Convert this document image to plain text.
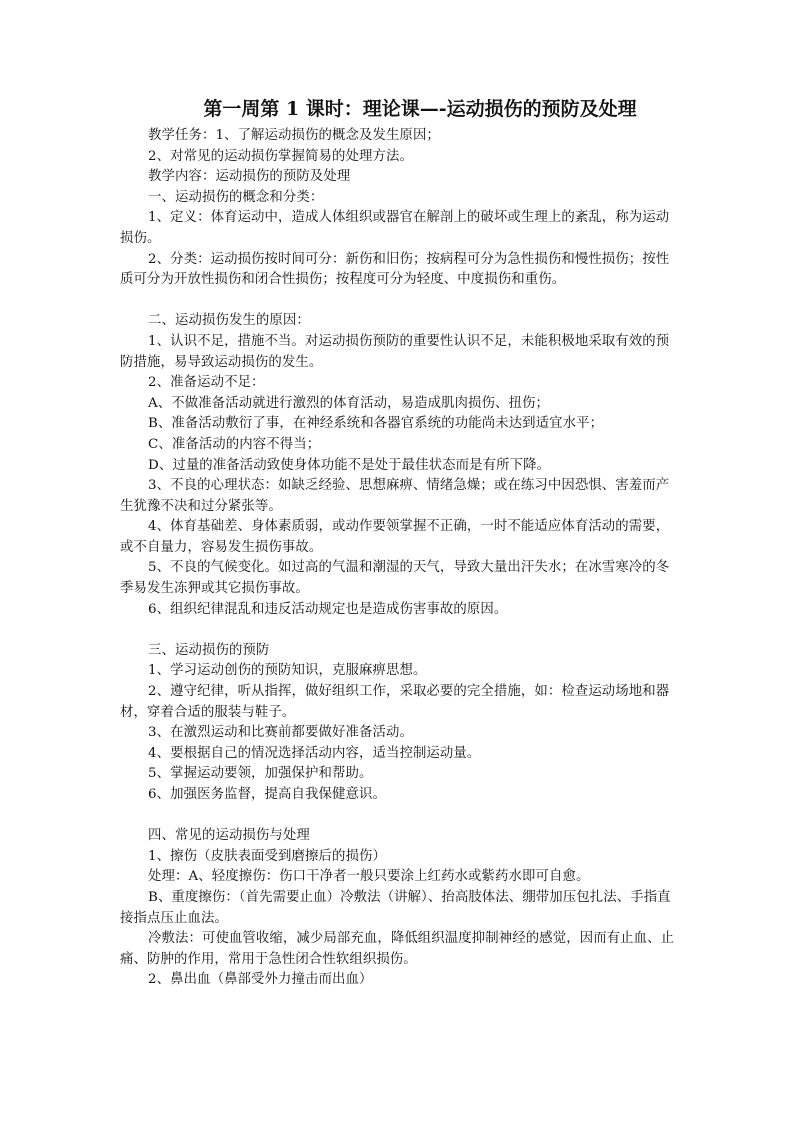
第一周第 1 课时：理论课—-运动损伤的预防及处理

教学任务：1、了解运动损伤的概念及发生原因；

2、对常见的运动损伤掌握简易的处理方法。

教学内容：运动损伤的预防及处理

一、运动损伤的概念和分类：

1、定义：体育运动中，造成人体组织或器官在解剖上的破坏或生理上的紊乱，称为运动损伤。

2、分类：运动损伤按时间可分：新伤和旧伤；按病程可分为急性损伤和慢性损伤；按性质可分为开放性损伤和闭合性损伤；按程度可分为轻度、中度损伤和重伤。

二、运动损伤发生的原因：

1、认识不足，措施不当。对运动损伤预防的重要性认识不足，未能积极地采取有效的预防措施，易导致运动损伤的发生。

2、准备运动不足：

A、不做准备活动就进行激烈的体育活动，易造成肌肉损伤、扭伤；

B、准备活动敷衍了事，在神经系统和各器官系统的功能尚未达到适宜水平；

C、准备活动的内容不得当；

D、过量的准备活动致使身体功能不是处于最佳状态而是有所下降。

3、不良的心理状态：如缺乏经验、思想麻痹、情绪急燥；或在练习中因恐惧、害羞而产生犹豫不决和过分紧张等。

4、体育基础差、身体素质弱，或动作要领掌握不正确，一时不能适应体育活动的需要，或不自量力，容易发生损伤事故。

5、不良的气候变化。如过高的气温和潮湿的天气，导致大量出汗失水；在冰雪寒冷的冬季易发生冻狎或其它损伤事故。

6、组织纪律混乱和违反活动规定也是造成伤害事故的原因。

三、运动损伤的预防

1、学习运动创伤的预防知识，克服麻痹思想。

2、遵守纪律，听从指挥，做好组织工作，采取必要的完全措施，如：检查运动场地和器材，穿着合适的服装与鞋子。

3、在激烈运动和比赛前都要做好准备活动。

4、要根据自己的情况选择活动内容，适当控制运动量。

5、掌握运动要领，加强保护和帮助。

6、加强医务监督，提高自我保健意识。

四、常见的运动损伤与处理

1、擦伤（皮肤表面受到磨擦后的损伤）

处理：A、轻度擦伤：伤口干净者一般只要涂上红药水或紫药水即可自愈。

B、重度擦伤：（首先需要止血）冷敷法（讲解）、抬高肢体法、绷带加压包扎法、手指直接指点压止血法。

冷敷法：可使血管收缩，减少局部充血，降低组织温度抑制神经的感觉，因而有止血、止痛、防肿的作用，常用于急性闭合性软组织损伤。

2、鼻出血（鼻部受外力撞击而出血）
